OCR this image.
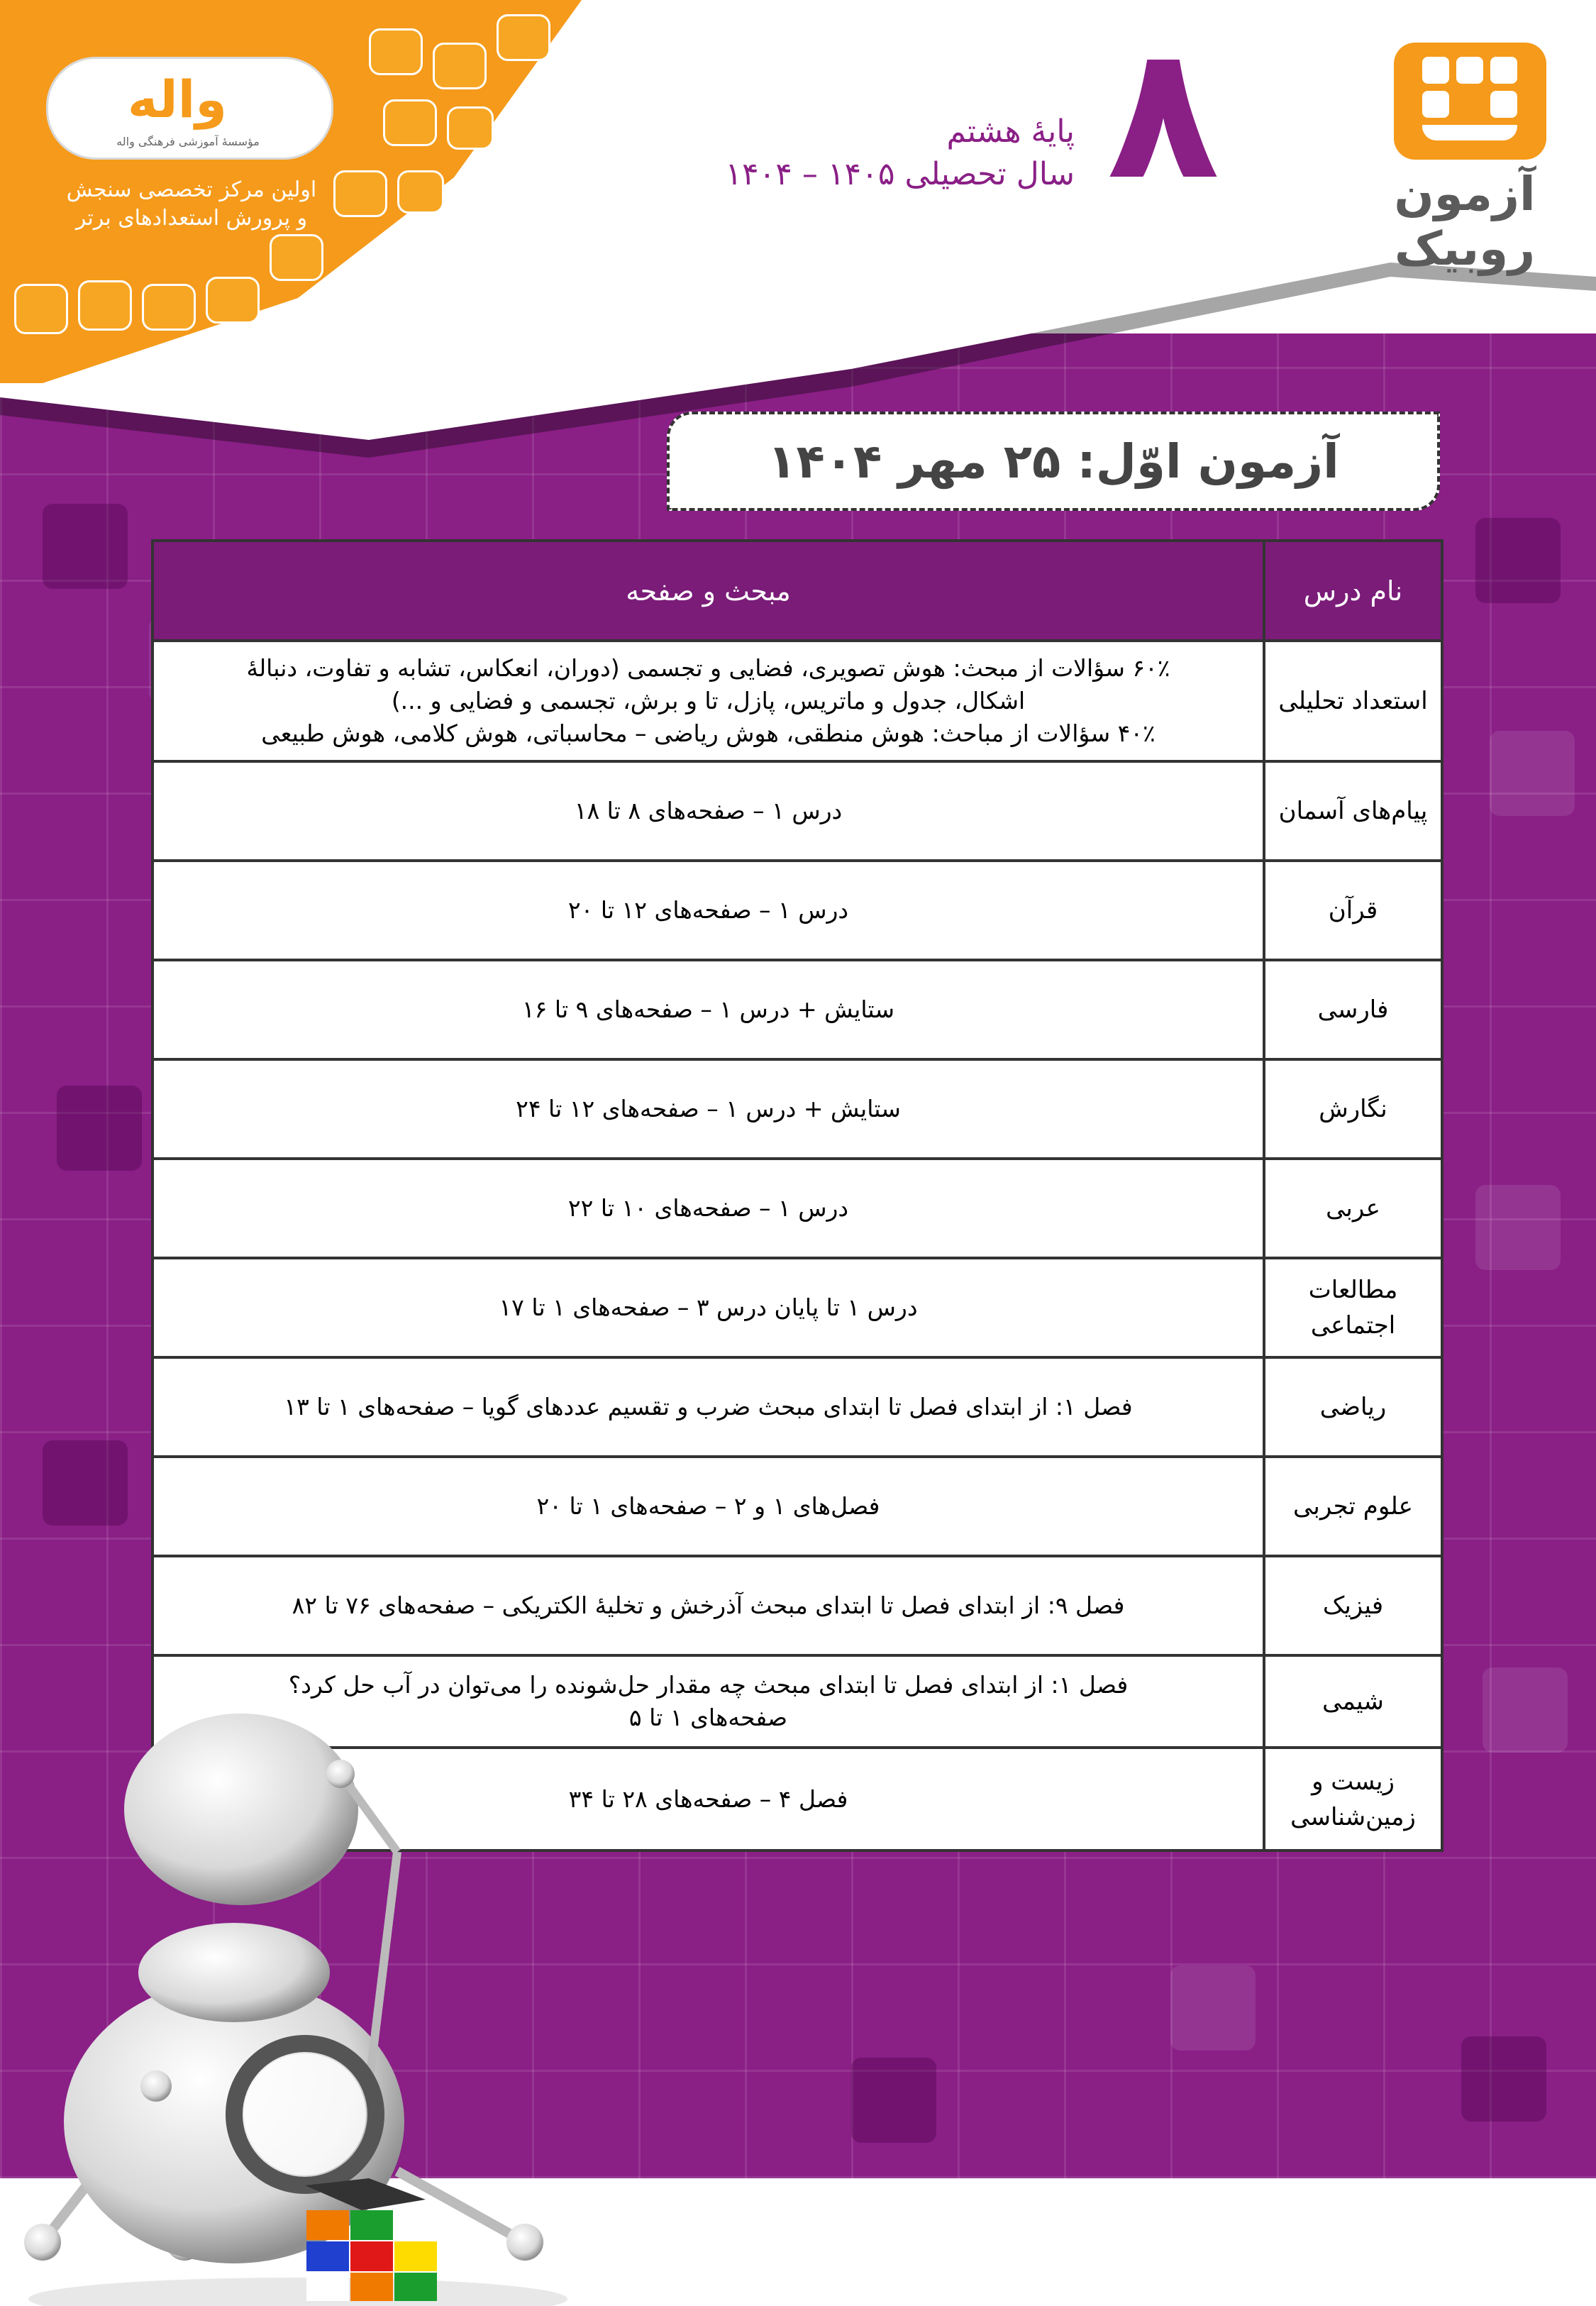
واله
مؤسسۀ آموزشی فرهنگی واله
اولین مرکز تخصصی سنجش
و پرورش استعدادهای برتر	آزمون روبیک
۸
پایۀ هشتم
سال تحصیلی ۱۴۰۵ – ۱۴۰۴
آزمون اوّل: ۲۵ مهر ۱۴۰۴
مبحث و صفحه	نام درس

۶۰٪ سؤالات از مبحث: هوش تصویری، فضایی و تجسمی (دوران، انعکاس، تشابه و تفاوت، دنبالۀ
اشکال، جدول و ماتریس، پازل، تا و برش، تجسمی و فضایی و ...)
۴۰٪ سؤالات از مباحث: هوش منطقی، هوش ریاضی – محاسباتی، هوش کلامی، هوش طبیعی	استعداد تحلیلی

درس ۱ – صفحه‌های ۸ تا ۱۸	پیام‌های آسمان

درس ۱ – صفحه‌های ۱۲ تا ۲۰	قرآن

ستایش + درس ۱ – صفحه‌های ۹ تا ۱۶	فارسی

ستایش + درس ۱ – صفحه‌های ۱۲ تا ۲۴	نگارش

درس ۱ – صفحه‌های ۱۰ تا ۲۲	عربی

درس ۱ تا پایان درس ۳ – صفحه‌های ۱ تا ۱۷	مطالعات اجتماعی

فصل ۱: از ابتدای فصل تا ابتدای مبحث ضرب و تقسیم عددهای گویا – صفحه‌های ۱ تا ۱۳	ریاضی

فصل‌های ۱ و ۲ – صفحه‌های ۱ تا ۲۰	علوم تجربی

فصل ۹: از ابتدای فصل تا ابتدای مبحث آذرخش و تخلیۀ الکتریکی – صفحه‌های ۷۶ تا ۸۲	فیزیک

فصل ۱: از ابتدای فصل تا ابتدای مبحث چه مقدار حل‌شونده را می‌توان در آب حل کرد؟
صفحه‌های ۱ تا ۵	شیمی

فصل ۴ – صفحه‌های ۲۸ تا ۳۴	زیست و زمین‌شناسی
